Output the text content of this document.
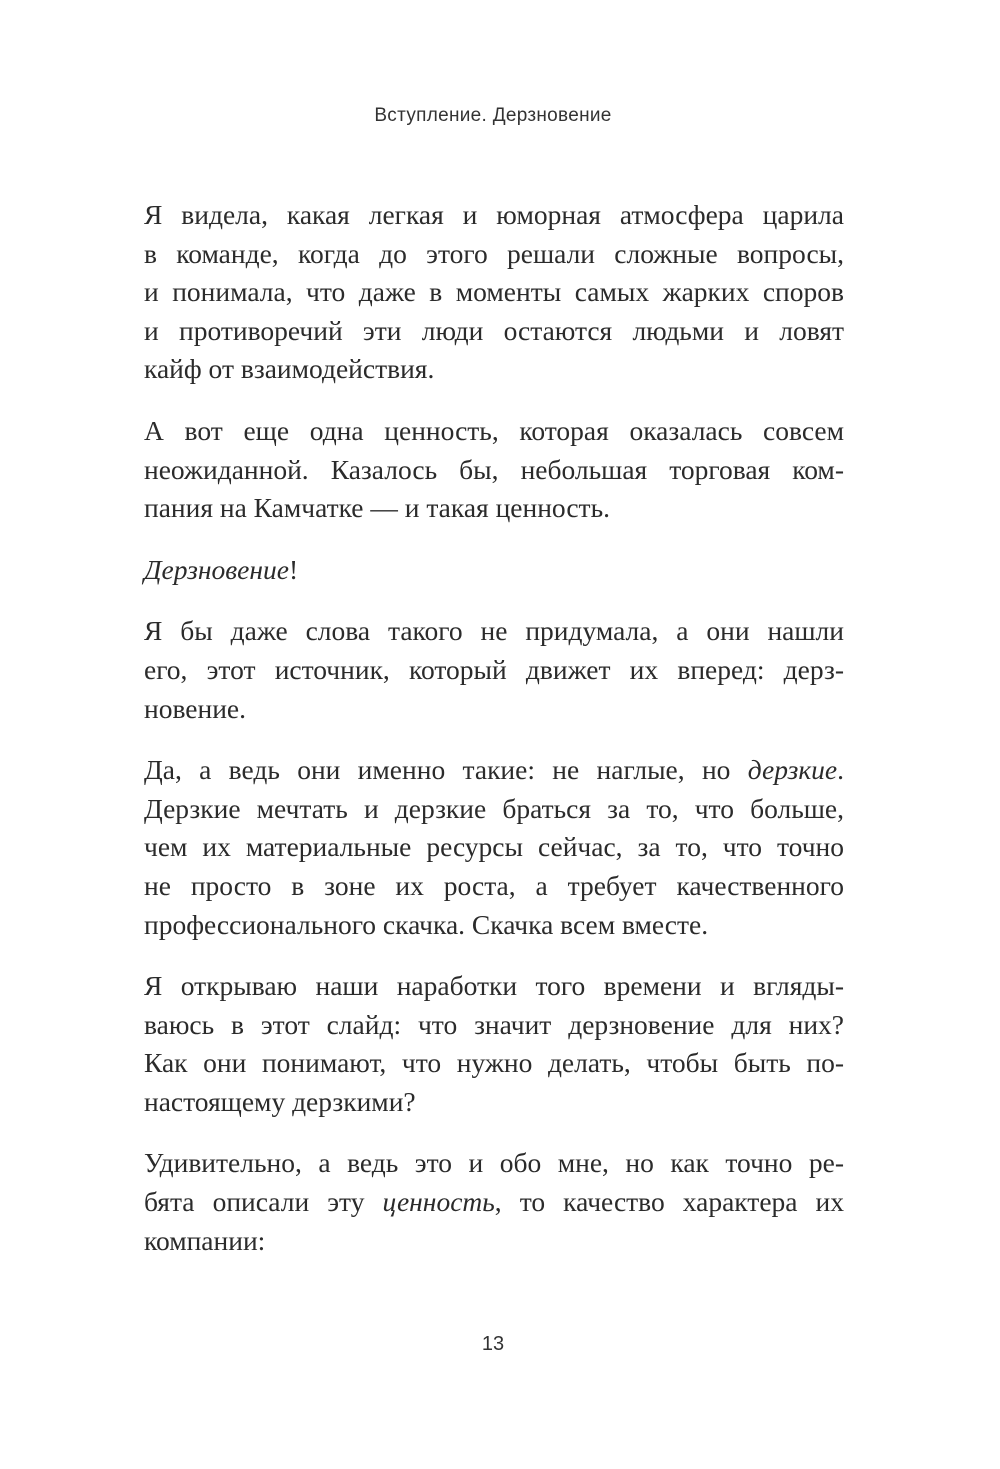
Вступление. Дерзновение

Я видела, какая легкая и юморная атмосфера царила
в команде, когда до этого решали сложные вопросы,
и понимала, что даже в моменты самых жарких споров
и противоречий эти люди остаются людьми и ловят
кайф от взаимодействия.

А вот еще одна ценность, которая оказалась совсем
неожиданной. Казалось бы, небольшая торговая ком-
пания на Камчатке — и такая ценность.

Дерзновение!

Я бы даже слова такого не придумала, а они нашли
его, этот источник, который движет их вперед: дерз-
новение.

Да, а ведь они именно такие: не наглые, но дерзкие.
Дерзкие мечтать и дерзкие браться за то, что больше,
чем их материальные ресурсы сейчас, за то, что точно
не просто в зоне их роста, а требует качественного
профессионального скачка. Скачка всем вместе.

Я открываю наши наработки того времени и вгляды-
ваюсь в этот слайд: что значит дерзновение для них?
Как они понимают, что нужно делать, чтобы быть по-
настоящему дерзкими?

Удивительно, а ведь это и обо мне, но как точно ре-
бята описали эту ценность, то качество характера их
компании:

13
